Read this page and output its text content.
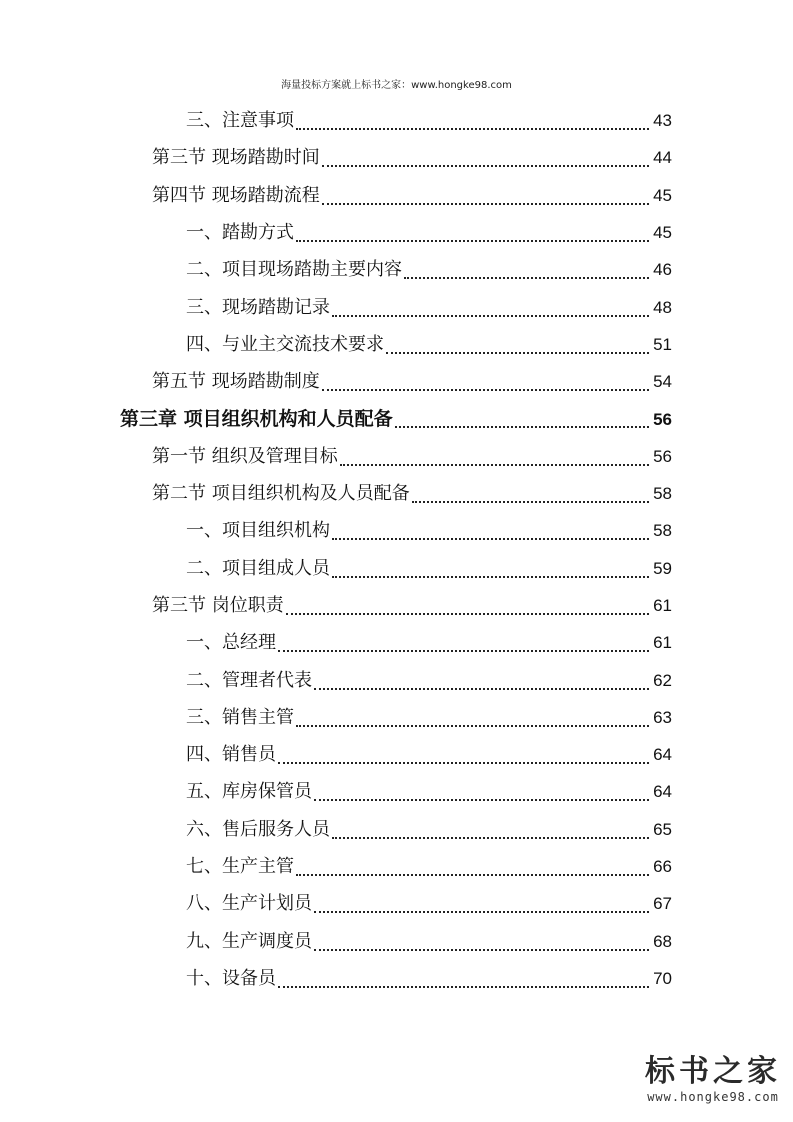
海量投标方案就上标书之家：www.hongke98.com
三、注意事项	43
第三节 现场踏勘时间	44
第四节 现场踏勘流程	45
一、踏勘方式	45
二、项目现场踏勘主要内容	46
三、现场踏勘记录	48
四、与业主交流技术要求	51
第五节 现场踏勘制度	54
第三章 项目组织机构和人员配备	56
第一节 组织及管理目标	56
第二节 项目组织机构及人员配备	58
一、项目组织机构	58
二、项目组成人员	59
第三节 岗位职责	61
一、总经理	61
二、管理者代表	62
三、销售主管	63
四、销售员	64
五、库房保管员	64
六、售后服务人员	65
七、生产主管	66
八、生产计划员	67
九、生产调度员	68
十、设备员	70
标书之家
www.hongke98.com
